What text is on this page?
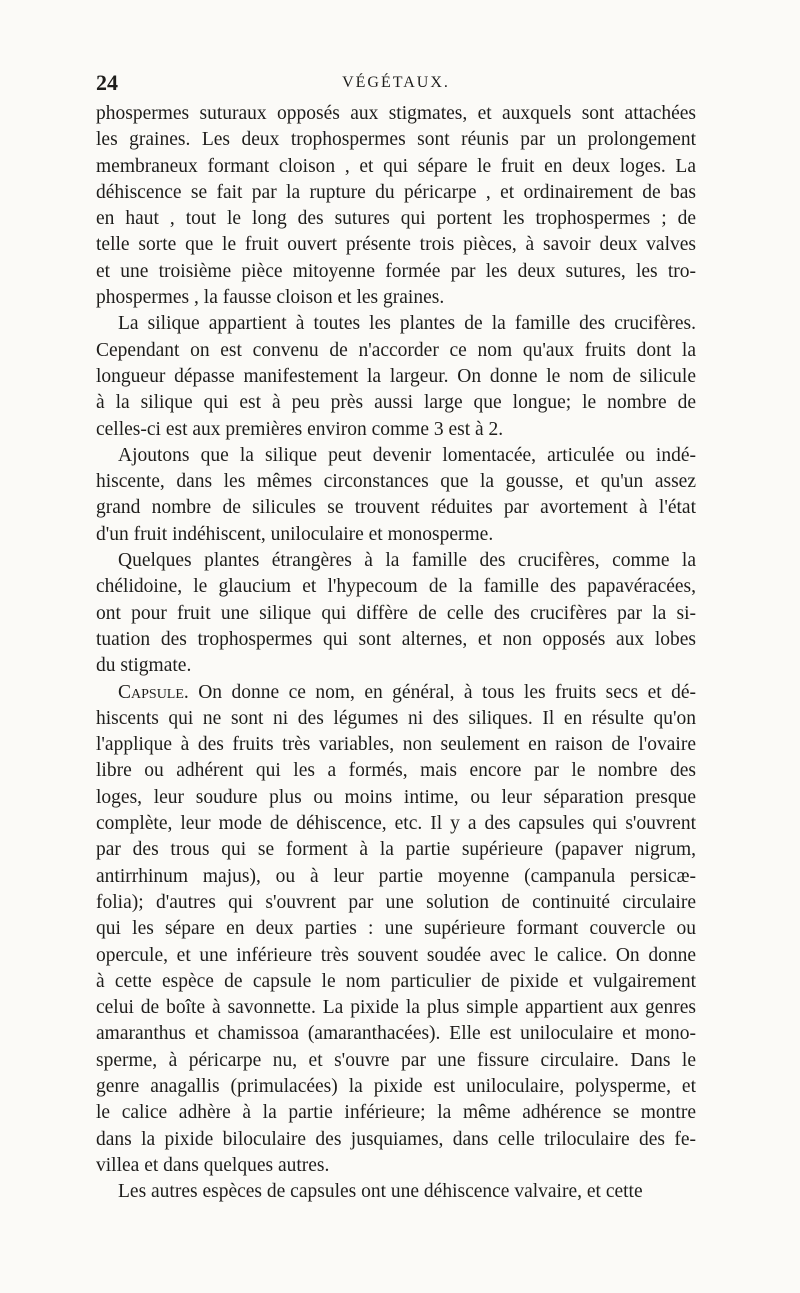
24	VÉGÉTAUX.
phospermes suturaux opposés aux stigmates, et auxquels sont attachées
les graines. Les deux trophospermes sont réunis par un prolongement
membraneux formant cloison , et qui sépare le fruit en deux loges. La
déhiscence se fait par la rupture du péricarpe , et ordinairement de bas
en haut , tout le long des sutures qui portent les trophospermes ; de
telle sorte que le fruit ouvert présente trois pièces, à savoir deux valves
et une troisième pièce mitoyenne formée par les deux sutures, les tro-
phospermes , la fausse cloison et les graines.
La silique appartient à toutes les plantes de la famille des crucifères.
Cependant on est convenu de n'accorder ce nom qu'aux fruits dont la
longueur dépasse manifestement la largeur. On donne le nom de silicule
à la silique qui est à peu près aussi large que longue; le nombre de
celles-ci est aux premières environ comme 3 est à 2.
Ajoutons que la silique peut devenir lomentacée, articulée ou indé-
hiscente, dans les mêmes circonstances que la gousse, et qu'un assez
grand nombre de silicules se trouvent réduites par avortement à l'état
d'un fruit indéhiscent, uniloculaire et monosperme.
Quelques plantes étrangères à la famille des crucifères, comme la
chélidoine, le glaucium et l'hypecoum de la famille des papavéracées,
ont pour fruit une silique qui diffère de celle des crucifères par la si-
tuation des trophospermes qui sont alternes, et non opposés aux lobes
du stigmate.
Capsule. On donne ce nom, en général, à tous les fruits secs et dé-
hiscents qui ne sont ni des légumes ni des siliques. Il en résulte qu'on
l'applique à des fruits très variables, non seulement en raison de l'ovaire
libre ou adhérent qui les a formés, mais encore par le nombre des
loges, leur soudure plus ou moins intime, ou leur séparation presque
complète, leur mode de déhiscence, etc. Il y a des capsules qui s'ouvrent
par des trous qui se forment à la partie supérieure (papaver nigrum,
antirrhinum majus), ou à leur partie moyenne (campanula persicæ-
folia); d'autres qui s'ouvrent par une solution de continuité circulaire
qui les sépare en deux parties : une supérieure formant couvercle ou
opercule, et une inférieure très souvent soudée avec le calice. On donne
à cette espèce de capsule le nom particulier de pixide et vulgairement
celui de boîte à savonnette. La pixide la plus simple appartient aux genres
amaranthus et chamissoa (amaranthacées). Elle est uniloculaire et mono-
sperme, à péricarpe nu, et s'ouvre par une fissure circulaire. Dans le
genre anagallis (primulacées) la pixide est uniloculaire, polysperme, et
le calice adhère à la partie inférieure; la même adhérence se montre
dans la pixide biloculaire des jusquiames, dans celle triloculaire des fe-
villea et dans quelques autres.
Les autres espèces de capsules ont une déhiscence valvaire, et cette
